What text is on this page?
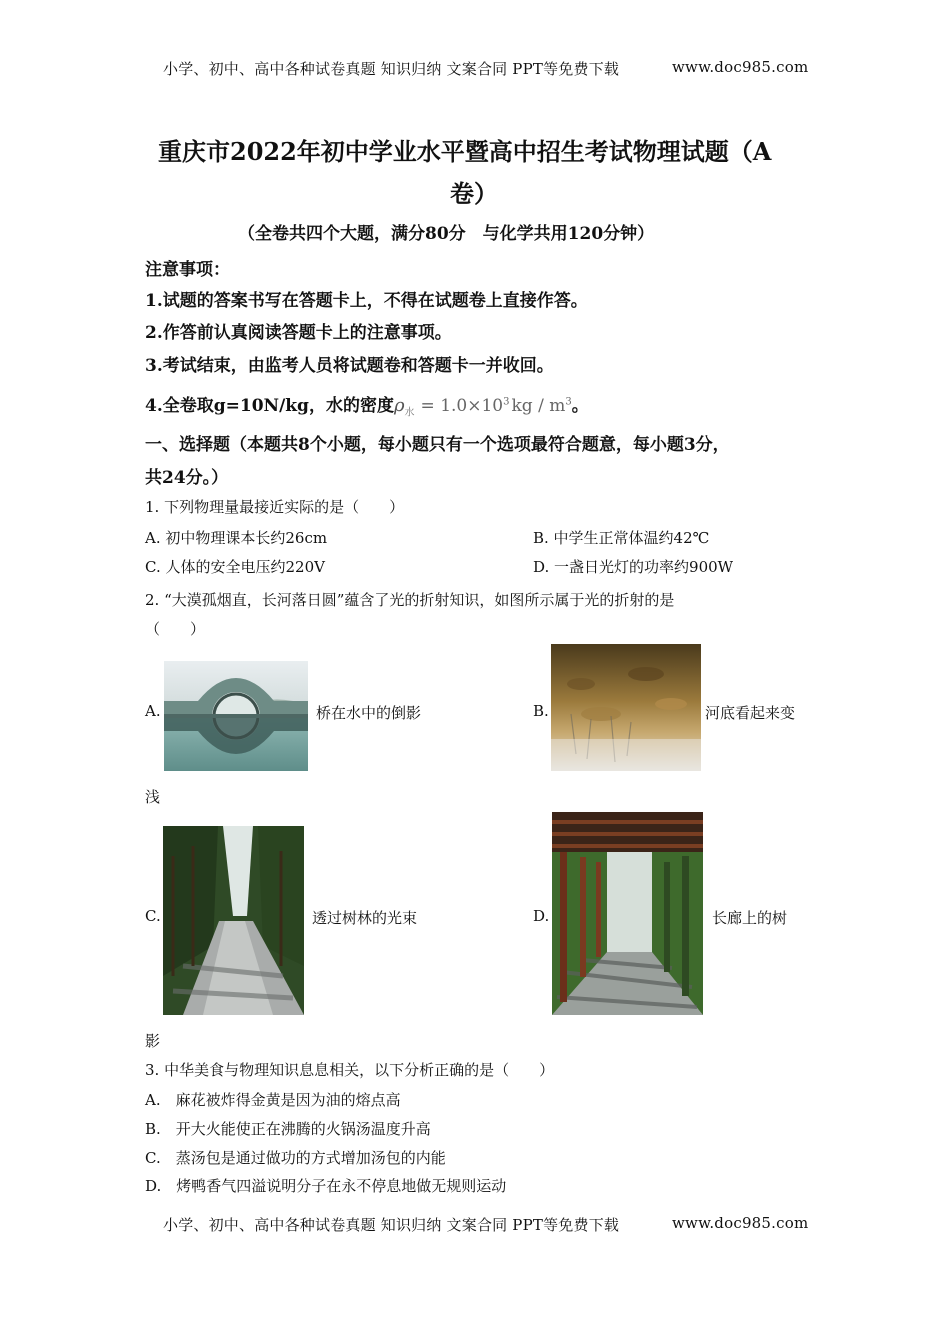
小学、初中、高中各种试卷真题 知识归纳 文案合同 PPT等免费下载	www.doc985.com
重庆市2022年初中学业水平暨高中招生考试物理试题（A
卷）
（全卷共四个大题，满分80分　与化学共用120分钟）
注意事项：
1.试题的答案书写在答题卡上，不得在试题卷上直接作答。
2.作答前认真阅读答题卡上的注意事项。
3.考试结束，由监考人员将试题卷和答题卡一并收回。
4.全卷取g=10N/kg，水的密度$\rho_水 = 1.0\times 10^3$ kg / $m^3$。
一、选择题（本题共8个小题，每小题只有一个选项最符合题意，每小题3分，
共24分。）
1. 下列物理量最接近实际的是（　　）
A. 初中物理课本长约26cm	B. 中学生正常体温约42℃
C. 人体的安全电压约220V	D. 一盏日光灯的功率约900W
2. “大漠孤烟直，长河落日圆”蕴含了光的折射知识，如图所示属于光的折射的是
（　　）
A.	桥在水中的倒影	B.	河底看起来变
浅
C.	透过树林的光束	D.	长廊上的树
影
3. 中华美食与物理知识息息相关，以下分析正确的是（　　）
A.　麻花被炸得金黄是因为油的熔点高
B.　开大火能使正在沸腾的火锅汤温度升高
C.　蒸汤包是通过做功的方式增加汤包的内能
D.　烤鸭香气四溢说明分子在永不停息地做无规则运动
小学、初中、高中各种试卷真题 知识归纳 文案合同 PPT等免费下载	www.doc985.com
